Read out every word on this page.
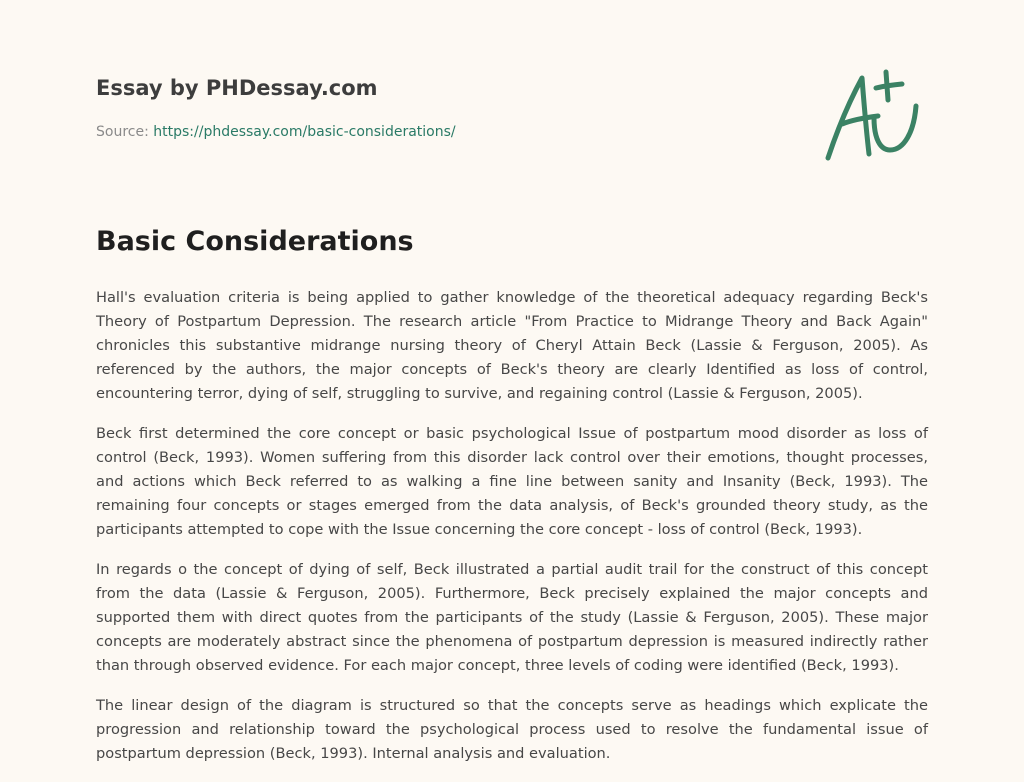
Essay by PHDessay.com
Source: https://phdessay.com/basic-considerations/
Basic Considerations

Hall's evaluation criteria is being applied to gather knowledge of the theoretical adequacy regarding Beck's Theory of Postpartum Depression. The research article "From Practice to Midrange Theory and Back Again" chronicles this substantive midrange nursing theory of Cheryl Attain Beck (Lassie & Ferguson, 2005). As referenced by the authors, the major concepts of Beck's theory are clearly Identified as loss of control, encountering terror, dying of self, struggling to survive, and regaining control (Lassie & Ferguson, 2005).

Beck first determined the core concept or basic psychological Issue of postpartum mood disorder as loss of control (Beck, 1993). Women suffering from this disorder lack control over their emotions, thought processes, and actions which Beck referred to as walking a fine line between sanity and Insanity (Beck, 1993). The remaining four concepts or stages emerged from the data analysis, of Beck's grounded theory study, as the participants attempted to cope with the Issue concerning the core concept - loss of control (Beck, 1993).

In regards o the concept of dying of self, Beck illustrated a partial audit trail for the construct of this concept from the data (Lassie & Ferguson, 2005). Furthermore, Beck precisely explained the major concepts and supported them with direct quotes from the participants of the study (Lassie & Ferguson, 2005). These major concepts are moderately abstract since the phenomena of postpartum depression is measured indirectly rather than through observed evidence. For each major concept, three levels of coding were identified (Beck, 1993).

The linear design of the diagram is structured so that the concepts serve as headings which explicate the progression and relationship toward the psychological process used to resolve the fundamental issue of postpartum depression (Beck, 1993). Internal analysis and evaluation.
